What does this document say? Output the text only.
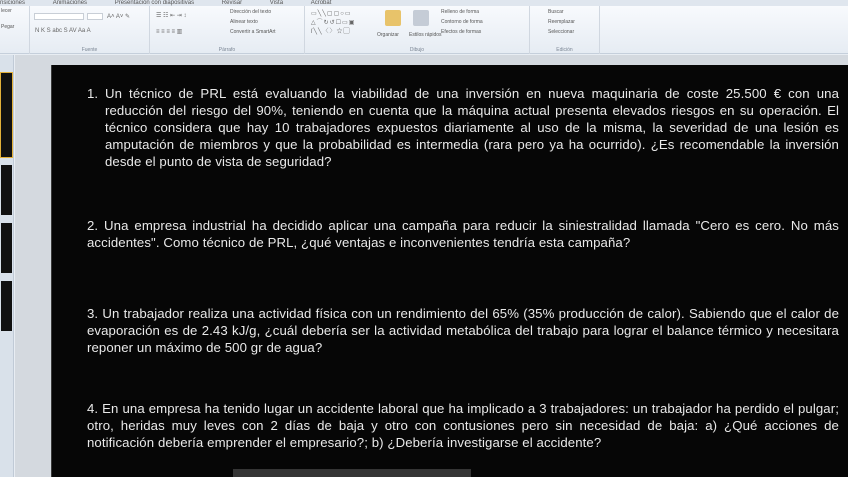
nsiciones	Animaciones	Presentación con diapositivas	Revisar	Vista	Acrobat
lecer
Pegar
A˄ A˅ ✎
N K S abc S AV Aa A
Fuente
☰ ☷ ⇤ ⇥ ↕
≡ ≡ ≡ ≡ ▥
Dirección del texto
Alinear texto
Convertir a SmartArt
Párrafo
▭╲╲▢▢○▭
△⌒↻↺☐▭▣
ſ╲╲〈〉☆▢	Organizar Estilos rápidos
Relleno de forma
Contorno de forma
Efectos de formas
Dibujo
Buscar
Reemplazar
Seleccionar
Edición
1. Un técnico de PRL está evaluando la viabilidad de una inversión en nueva maquinaria de coste 25.500 € con una reducción del riesgo del 90%, teniendo en cuenta que la máquina actual presenta elevados riesgos en su operación. El técnico considera que hay 10 trabajadores expuestos diariamente al uso de la misma, la severidad de una lesión es amputación de miembros y que la probabilidad es intermedia (rara pero ya ha ocurrido). ¿Es recomendable la inversión desde el punto de vista de seguridad?
2. Una empresa industrial ha decidido aplicar una campaña para reducir la siniestralidad llamada "Cero es cero. No más accidentes". Como técnico de PRL, ¿qué ventajas e inconvenientes tendría esta campaña?
3. Un trabajador realiza una actividad física con un rendimiento del 65% (35% producción de calor). Sabiendo que el calor de evaporación es de 2.43 kJ/g, ¿cuál debería ser la actividad metabólica del trabajo para lograr el balance térmico y necesitara reponer un máximo de 500 gr de agua?
4. En una empresa ha tenido lugar un accidente laboral que ha implicado a 3 trabajadores: un trabajador ha perdido el pulgar; otro, heridas muy leves con 2 días de baja y otro con contusiones pero sin necesidad de baja: a) ¿Qué acciones de notificación debería emprender el empresario?; b) ¿Debería investigarse el accidente?
